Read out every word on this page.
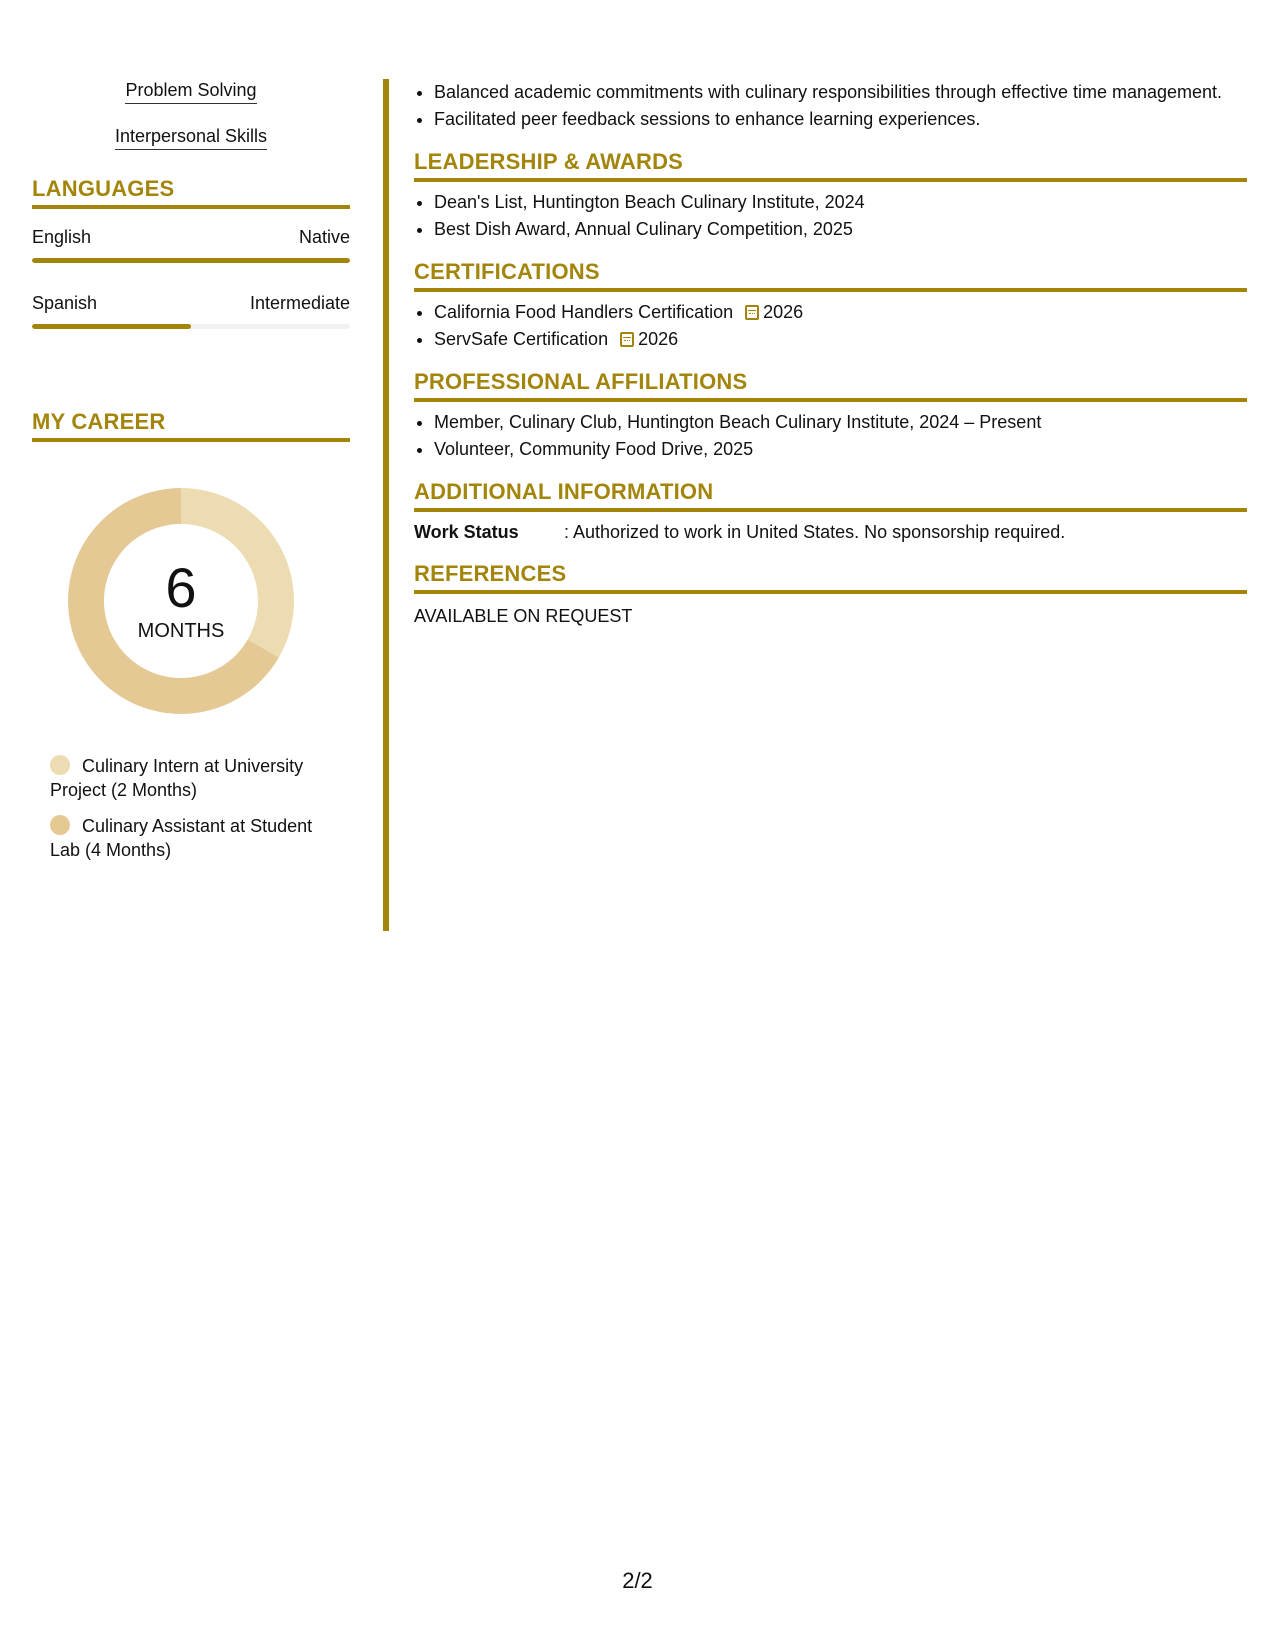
Problem Solving
Interpersonal Skills
LANGUAGES
English	Native
Spanish	Intermediate
MY CAREER
6
MONTHS
Culinary Intern at University Project (2 Months)
Culinary Assistant at Student Lab (4 Months)
• Balanced academic commitments with culinary responsibilities through effective time management.
• Facilitated peer feedback sessions to enhance learning experiences.
LEADERSHIP & AWARDS
• Dean's List, Huntington Beach Culinary Institute, 2024
• Best Dish Award, Annual Culinary Competition, 2025
CERTIFICATIONS
• California Food Handlers Certification 2026
• ServSafe Certification 2026
PROFESSIONAL AFFILIATIONS
• Member, Culinary Club, Huntington Beach Culinary Institute, 2024 – Present
• Volunteer, Community Food Drive, 2025
ADDITIONAL INFORMATION
Work Status	: Authorized to work in United States. No sponsorship required.
REFERENCES
AVAILABLE ON REQUEST
2/2
